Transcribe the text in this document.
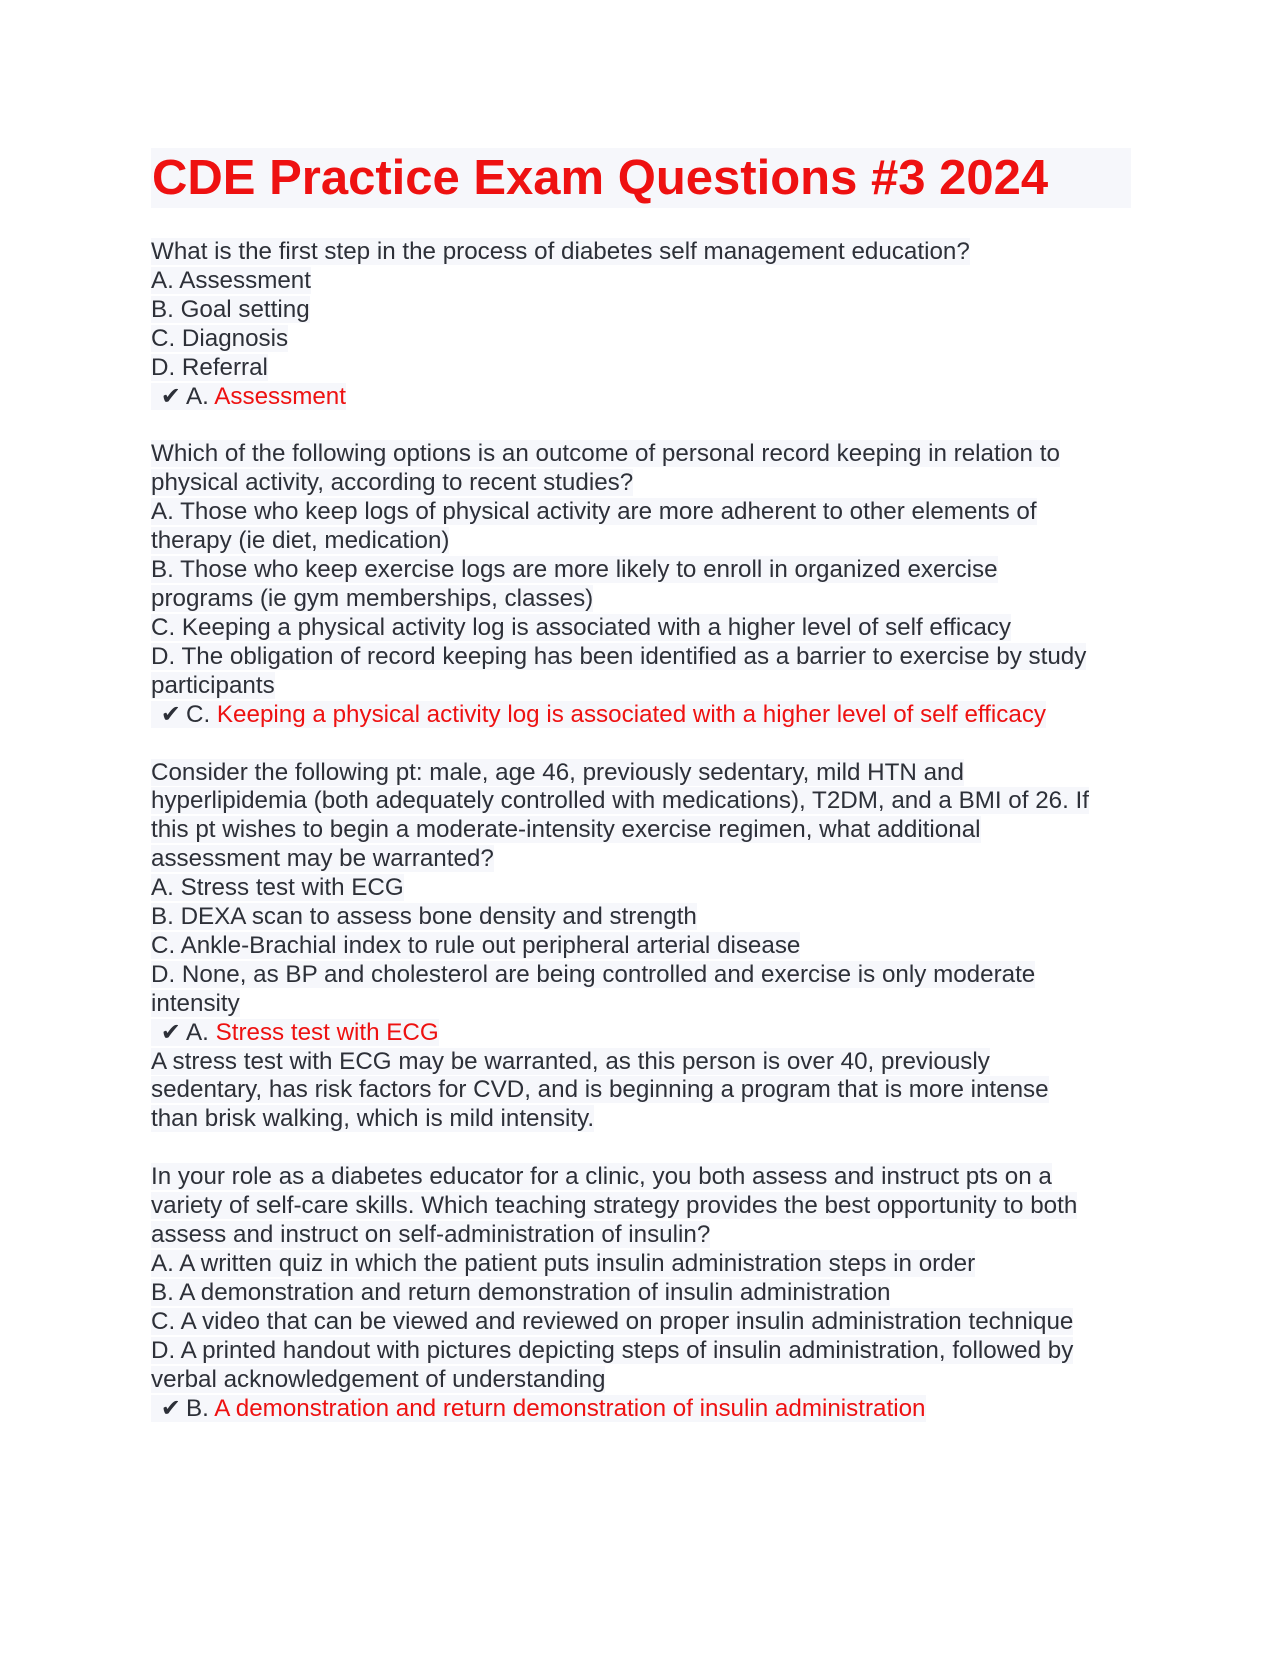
CDE Practice Exam Questions #3 2024
What is the first step in the process of diabetes self management education?
A. Assessment
B. Goal setting
C. Diagnosis
D. Referral
✔ A. Assessment
Which of the following options is an outcome of personal record keeping in relation to
physical activity, according to recent studies?
A. Those who keep logs of physical activity are more adherent to other elements of
therapy (ie diet, medication)
B. Those who keep exercise logs are more likely to enroll in organized exercise
programs (ie gym memberships, classes)
C. Keeping a physical activity log is associated with a higher level of self efficacy
D. The obligation of record keeping has been identified as a barrier to exercise by study
participants
✔ C. Keeping a physical activity log is associated with a higher level of self efficacy
Consider the following pt: male, age 46, previously sedentary, mild HTN and
hyperlipidemia (both adequately controlled with medications), T2DM, and a BMI of 26. If
this pt wishes to begin a moderate-intensity exercise regimen, what additional
assessment may be warranted?
A. Stress test with ECG
B. DEXA scan to assess bone density and strength
C. Ankle-Brachial index to rule out peripheral arterial disease
D. None, as BP and cholesterol are being controlled and exercise is only moderate
intensity
✔ A. Stress test with ECG
A stress test with ECG may be warranted, as this person is over 40, previously
sedentary, has risk factors for CVD, and is beginning a program that is more intense
than brisk walking, which is mild intensity.
In your role as a diabetes educator for a clinic, you both assess and instruct pts on a
variety of self-care skills. Which teaching strategy provides the best opportunity to both
assess and instruct on self-administration of insulin?
A. A written quiz in which the patient puts insulin administration steps in order
B. A demonstration and return demonstration of insulin administration
C. A video that can be viewed and reviewed on proper insulin administration technique
D. A printed handout with pictures depicting steps of insulin administration, followed by
verbal acknowledgement of understanding
✔ B. A demonstration and return demonstration of insulin administration
